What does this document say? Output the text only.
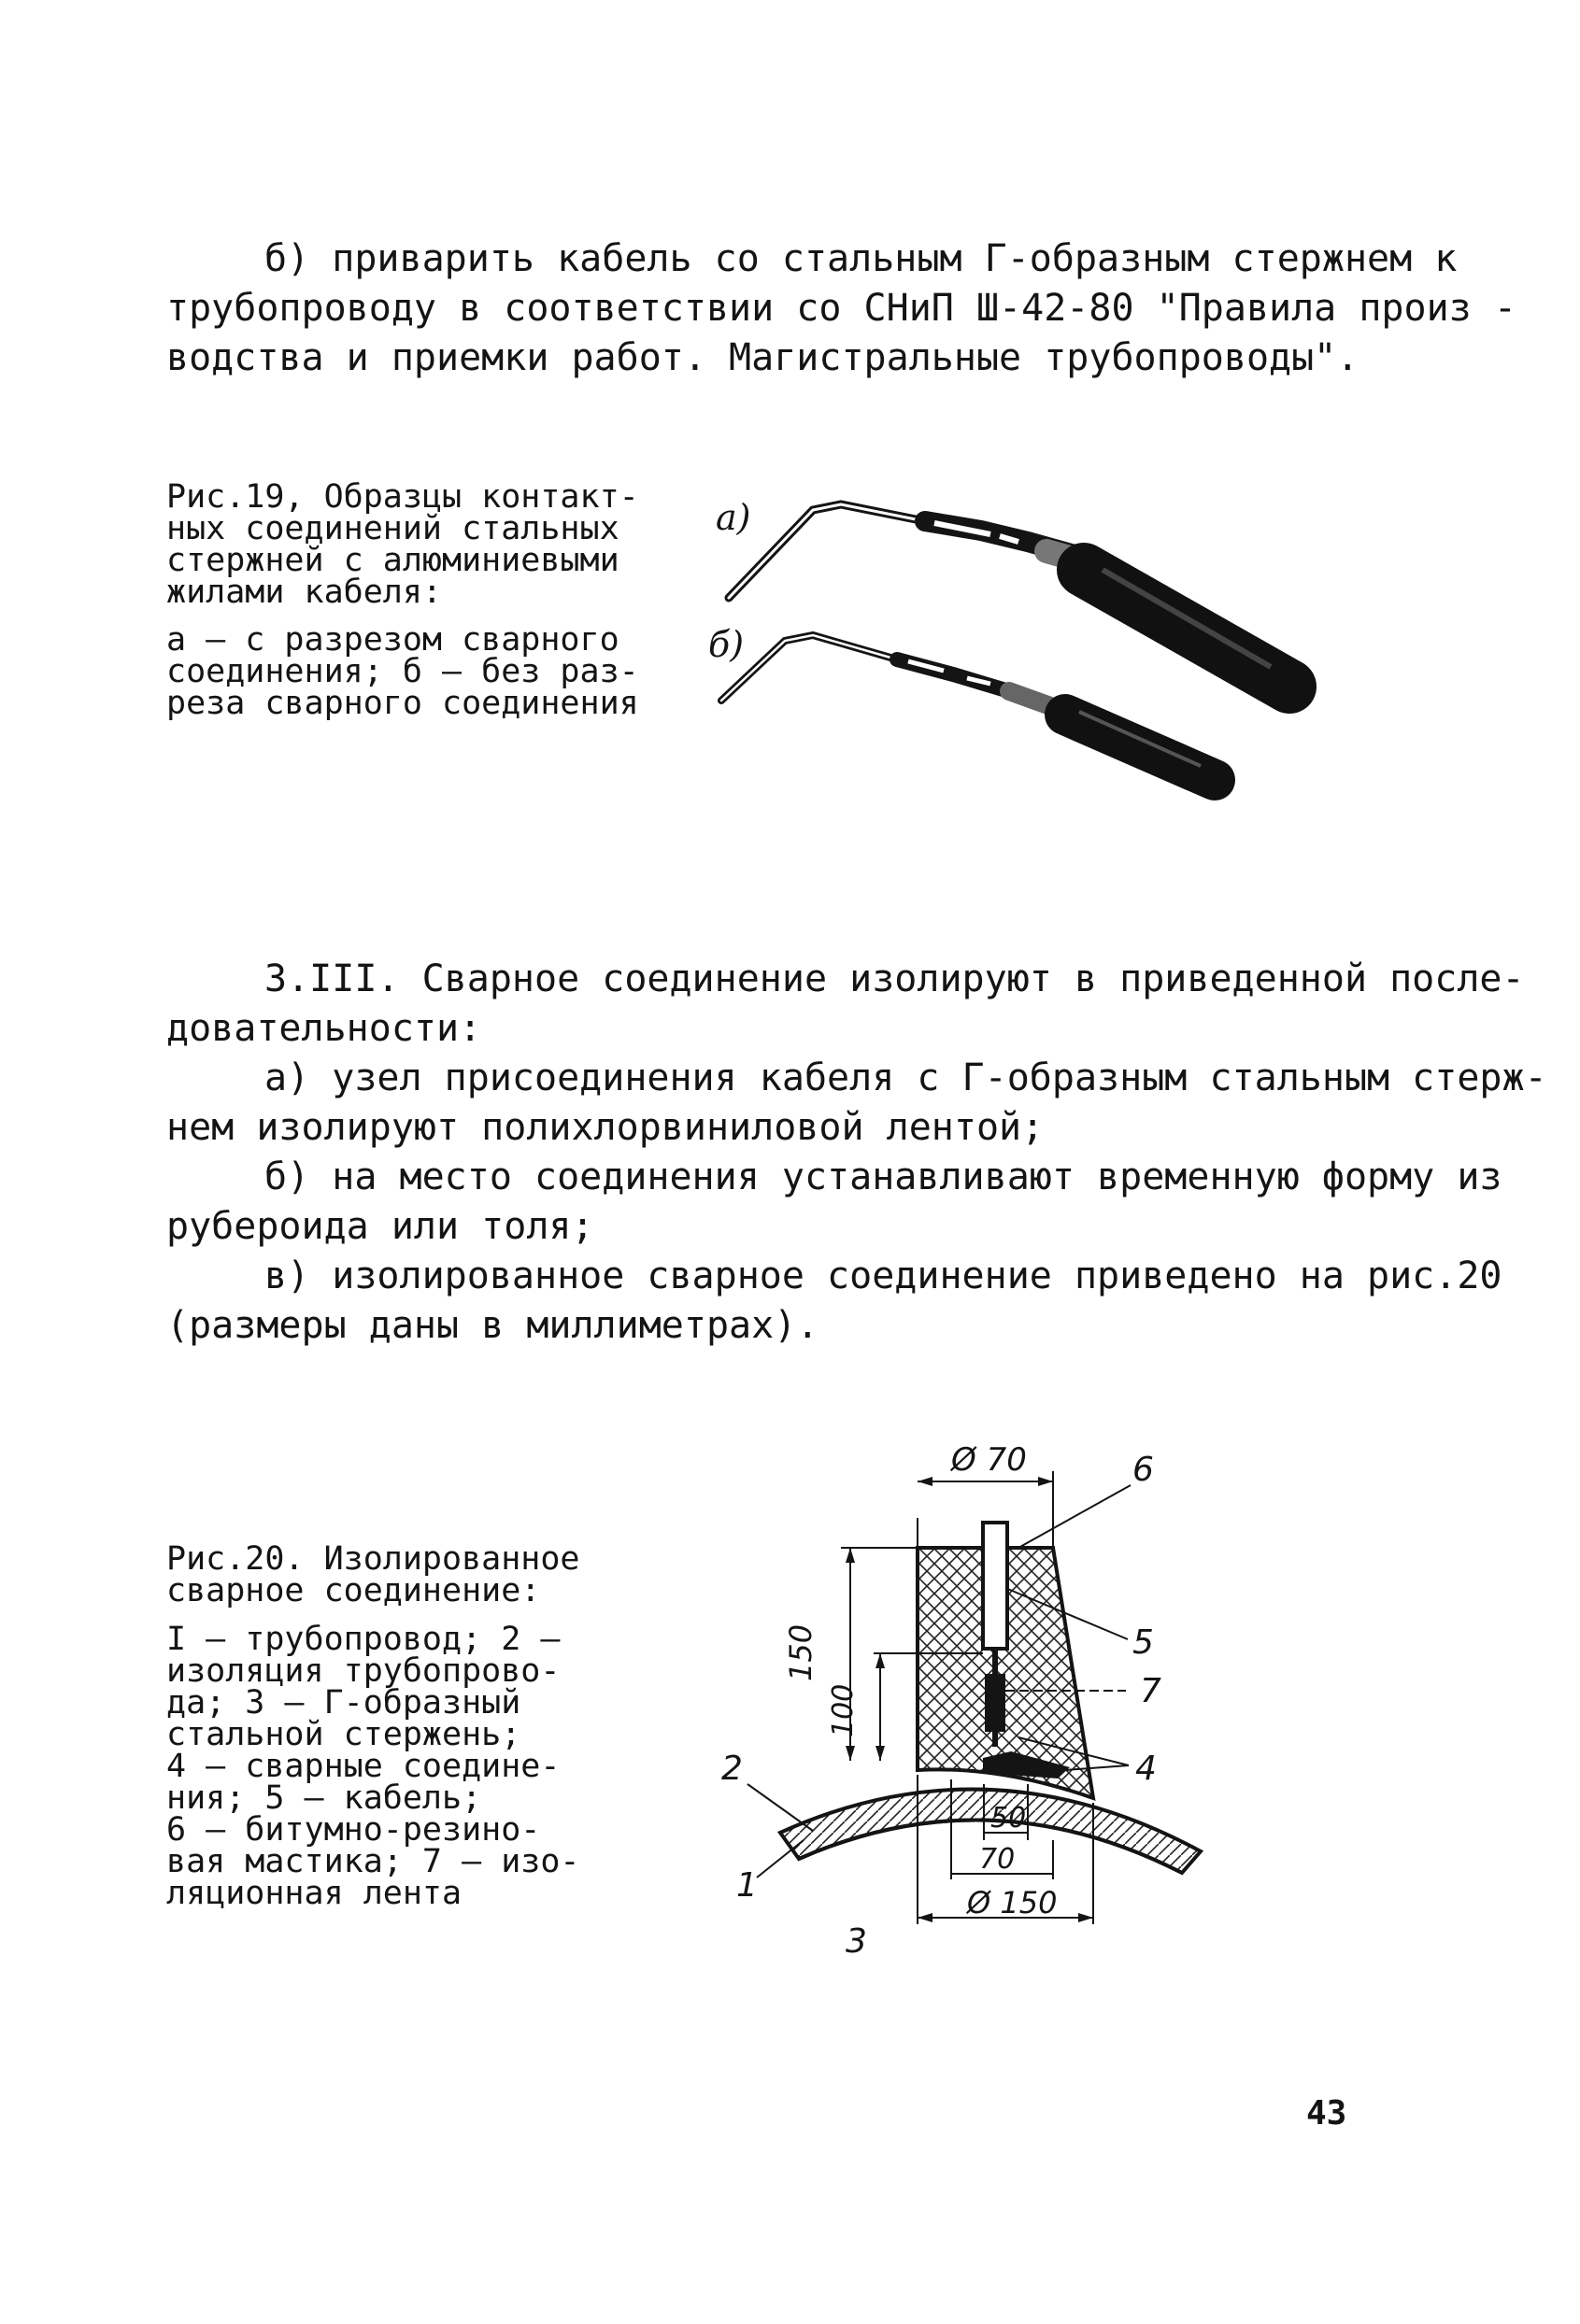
б) приварить кабель со стальным Г-образным стержнем к
трубопроводу в соответствии со СНиП Ш-42-80 "Правила произ -
водства и приемки работ. Магистральные трубопроводы".

Рис.19, Образцы контакт-
ных соединений стальных
стержней с алюминиевыми
жилами кабеля:

а – с разрезом сварного
соединения; б – без раз-
реза сварного соединения

а)
б)
3.III. Сварное соединение изолируют в приведенной после-
довательности:
а) узел присоединения кабеля с Г-образным стальным стерж-
нем изолируют полихлорвиниловой лентой;
б) на место соединения устанавливают временную форму из
рубероида или толя;
в) изолированное сварное соединение приведено на рис.20
(размеры даны в миллиметрах).

Рис.20. Изолированное
сварное соединение:

I – трубопровод; 2 –
изоляция трубопрово-
да; 3 – Г-образный
стальной стержень;
4 – сварные соедине-
ния; 5 – кабель;
6 – битумно-резино-
вая мастика; 7 – изо-
ляционная лента

Ø 70
150
100
50
70
Ø 150
6
5
7
4
2
1
3
43
